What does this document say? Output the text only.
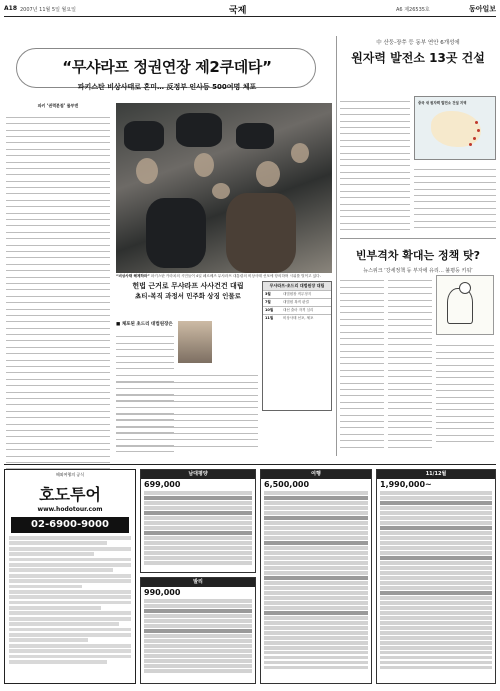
A18 2007년 11월 5일 월요일	국제	A6 제26535호	동아일보
“무샤라프 정권연장 제2쿠데타”
파키스탄 비상사태로 혼미… 反정부 인사등 500여명 체포
파키 ‘권력분점’ 물부엔
“비상사태 해제하라” 파키스탄 카라치의 시민들이 4일 페르베즈 무샤라프 대통령의 비상사태 선포에 항의하며 시위를 벌이고 있다.
헌법 근거로 무샤라프 사사건건 대립
쵸티-복직 과정서 민주화 상징 인물로
■ 체포된 초드리 대법원장은
무샤라프-초드리 대법원장 대립
3월	대법원장 직무정지
7월	대법원 복직 판결
10월	대선 출마 자격 심리
11월	비상사태 선포, 체포
中 산둥-장쑤 등 동부 연안 6개성에
원자력 발전소 13곳 건설
중국 새 원자력 발전소 건설 지역
빈부격차 확대는 정책 탓?
뉴스위크 ‘강세정책 등 부자에 유리… 불평등 키워’
해외여행의 공식
호도투어
www.hodotour.com
02-6900-9000
남대평양
699,000
발리
990,000
여행
6,500,000
11/12월
1,990,000~
